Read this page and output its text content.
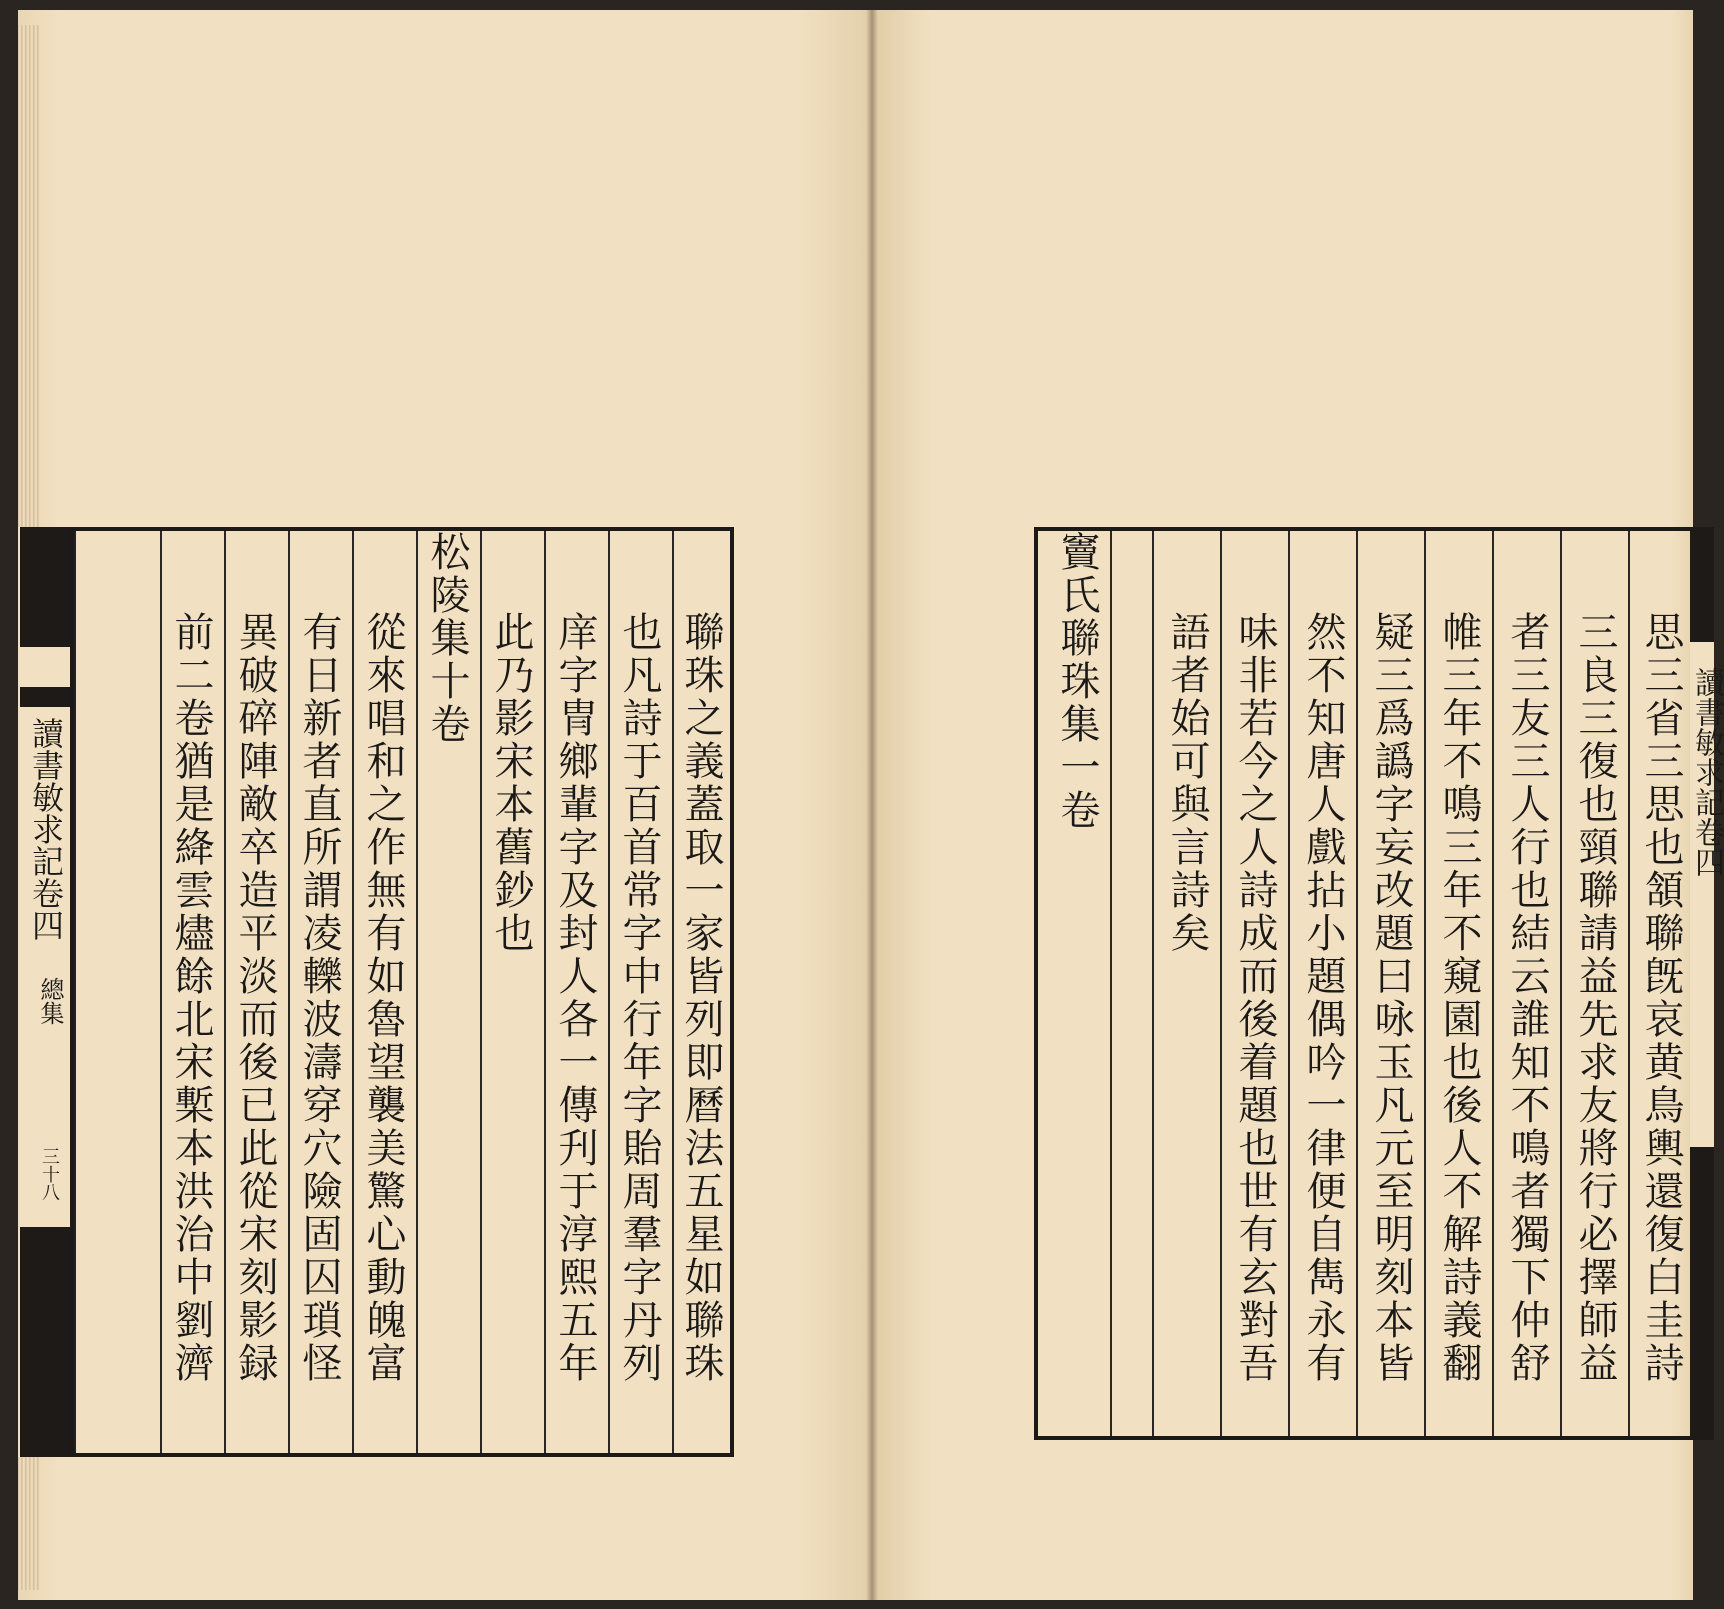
讀書敏求記卷四
總集
三十八	聯珠之義蓋取一家皆列即曆法五星如聯珠
也凡詩于百首常字中行年字貽周羣字丹列
庠字冑鄉輩字及封人各一傳刋于淳熙五年
此乃影宋本舊鈔也
松陵集十卷
從來唱和之作無有如魯望襲美驚心動魄富
有日新者直所謂凌轢波濤穿穴險固囚瑣怪
異破碎陣敵卒造平淡而後已此從宋刻影録
前二卷猶是絳雲燼餘北宋槧本洪治中劉濟	思三省三思也頷聯旣哀黄鳥輿還復白圭詩
三良三復也頸聯請益先求友將行必擇師益
者三友三人行也結云誰知不鳴者獨下仲舒
帷三年不鳴三年不窺園也後人不解詩義翻
疑三爲譌字妄改題曰咏玉凡元至明刻本皆
然不知唐人戲拈小題偶吟一律便自雋永有
味非若今之人詩成而後着題也世有玄對吾
語者始可與言詩矣
竇氏聯珠集一卷	讀書敏求記卷四
